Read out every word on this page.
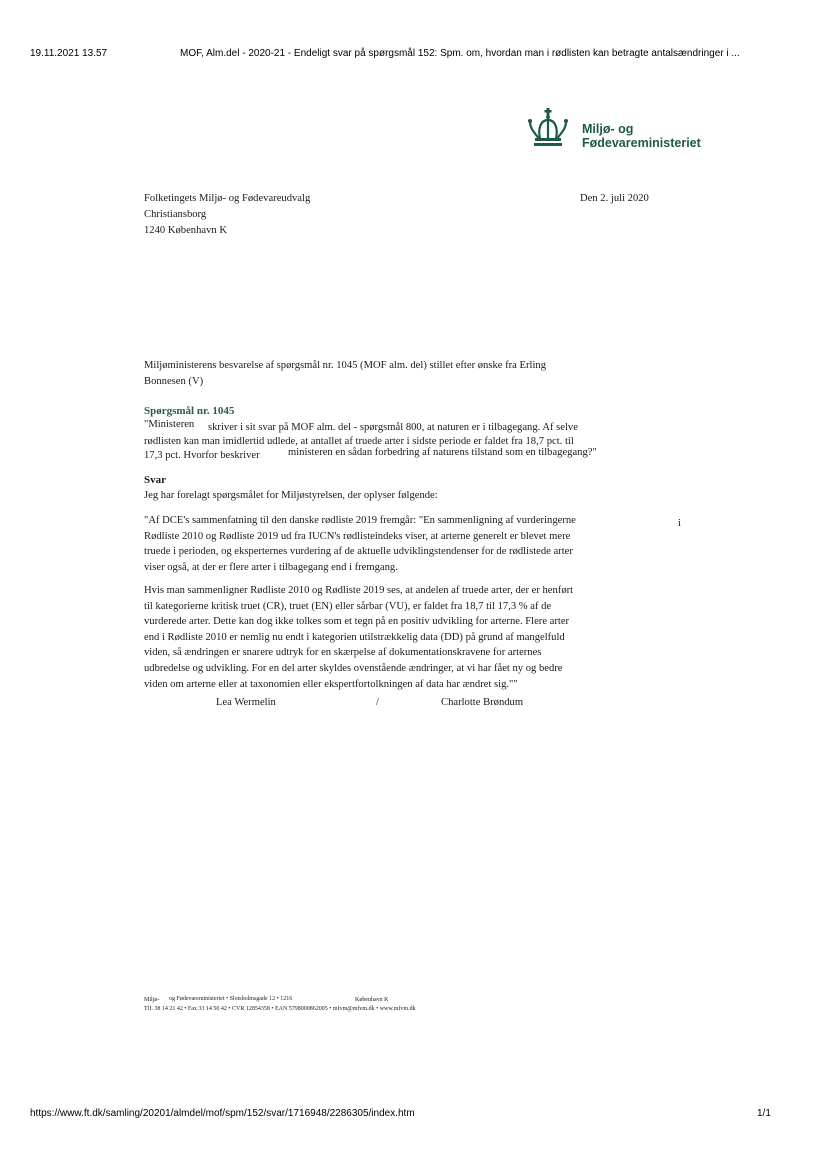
19.11.2021 13.57	MOF, Alm.del - 2020-21 - Endeligt svar på spørgsmål 152: Spm. om, hvordan man i rødlisten kan betragte antalsændringer i ...
Miljø- og
Fødevareministeriet
Folketingets Miljø- og Fødevareudvalg
Christiansborg
1240 København K
Den 2. juli 2020
Miljøministerens besvarelse af spørgsmål nr. 1045 (MOF alm. del) stillet efter ønske fra Erling
Bonnesen (V)
Spørgsmål nr. 1045
"Ministeren skriver i sit svar på MOF alm. del - spørgsmål 800, at naturen er i tilbagegang. Af selve
rødlisten kan man imidlertid udlede, at antallet af truede arter i sidste periode er faldet fra 18,7 pct. til
17,3 pct. Hvorfor beskriver	ministeren en sådan forbedring af naturens tilstand som en tilbagegang?"
Svar
Jeg har forelagt spørgsmålet for Miljøstyrelsen, der oplyser følgende:
"Af DCE's sammenfatning til den danske rødliste 2019 fremgår: "En sammenligning af vurderingerne
Rødliste 2010 og Rødliste 2019 ud fra IUCN's rødlisteindeks viser, at arterne generelt er blevet mere
truede i perioden, og eksperternes vurdering af de aktuelle udviklingstendenser for de rødlistede arter
viser også, at der er flere arter i tilbagegang end i fremgang.
i
Hvis man sammenligner Rødliste 2010 og Rødliste 2019 ses, at andelen af truede arter, der er henført
til kategorierne kritisk truet (CR), truet (EN) eller sårbar (VU), er faldet fra 18,7 til 17,3 % af de
vurderede arter. Dette kan dog ikke tolkes som et tegn på en positiv udvikling for arterne. Flere arter
end i Rødliste 2010 er nemlig nu endt i kategorien utilstrækkelig data (DD) på grund af mangelfuld
viden, så ændringen er snarere udtryk for en skærpelse af dokumentationskravene for arternes
udbredelse og udvikling. For en del arter skyldes ovenstående ændringer, at vi har fået ny og bedre
viden om arterne eller at taxonomien eller ekspertfortolkningen af data har ændret sig.""
Lea Wermelin	/	Charlotte Brøndum
Miljø- og Fødevareministeriet • Slotsholmsgade 12 • 1216	København K
Tlf. 38 14 21 42 • Fax 33 14 50 42 • CVR 12854358 • EAN 5798000862005 • mfvm@mfvm.dk • www.mfvm.dk
https://www.ft.dk/samling/20201/almdel/mof/spm/152/svar/1716948/2286305/index.htm	1/1
